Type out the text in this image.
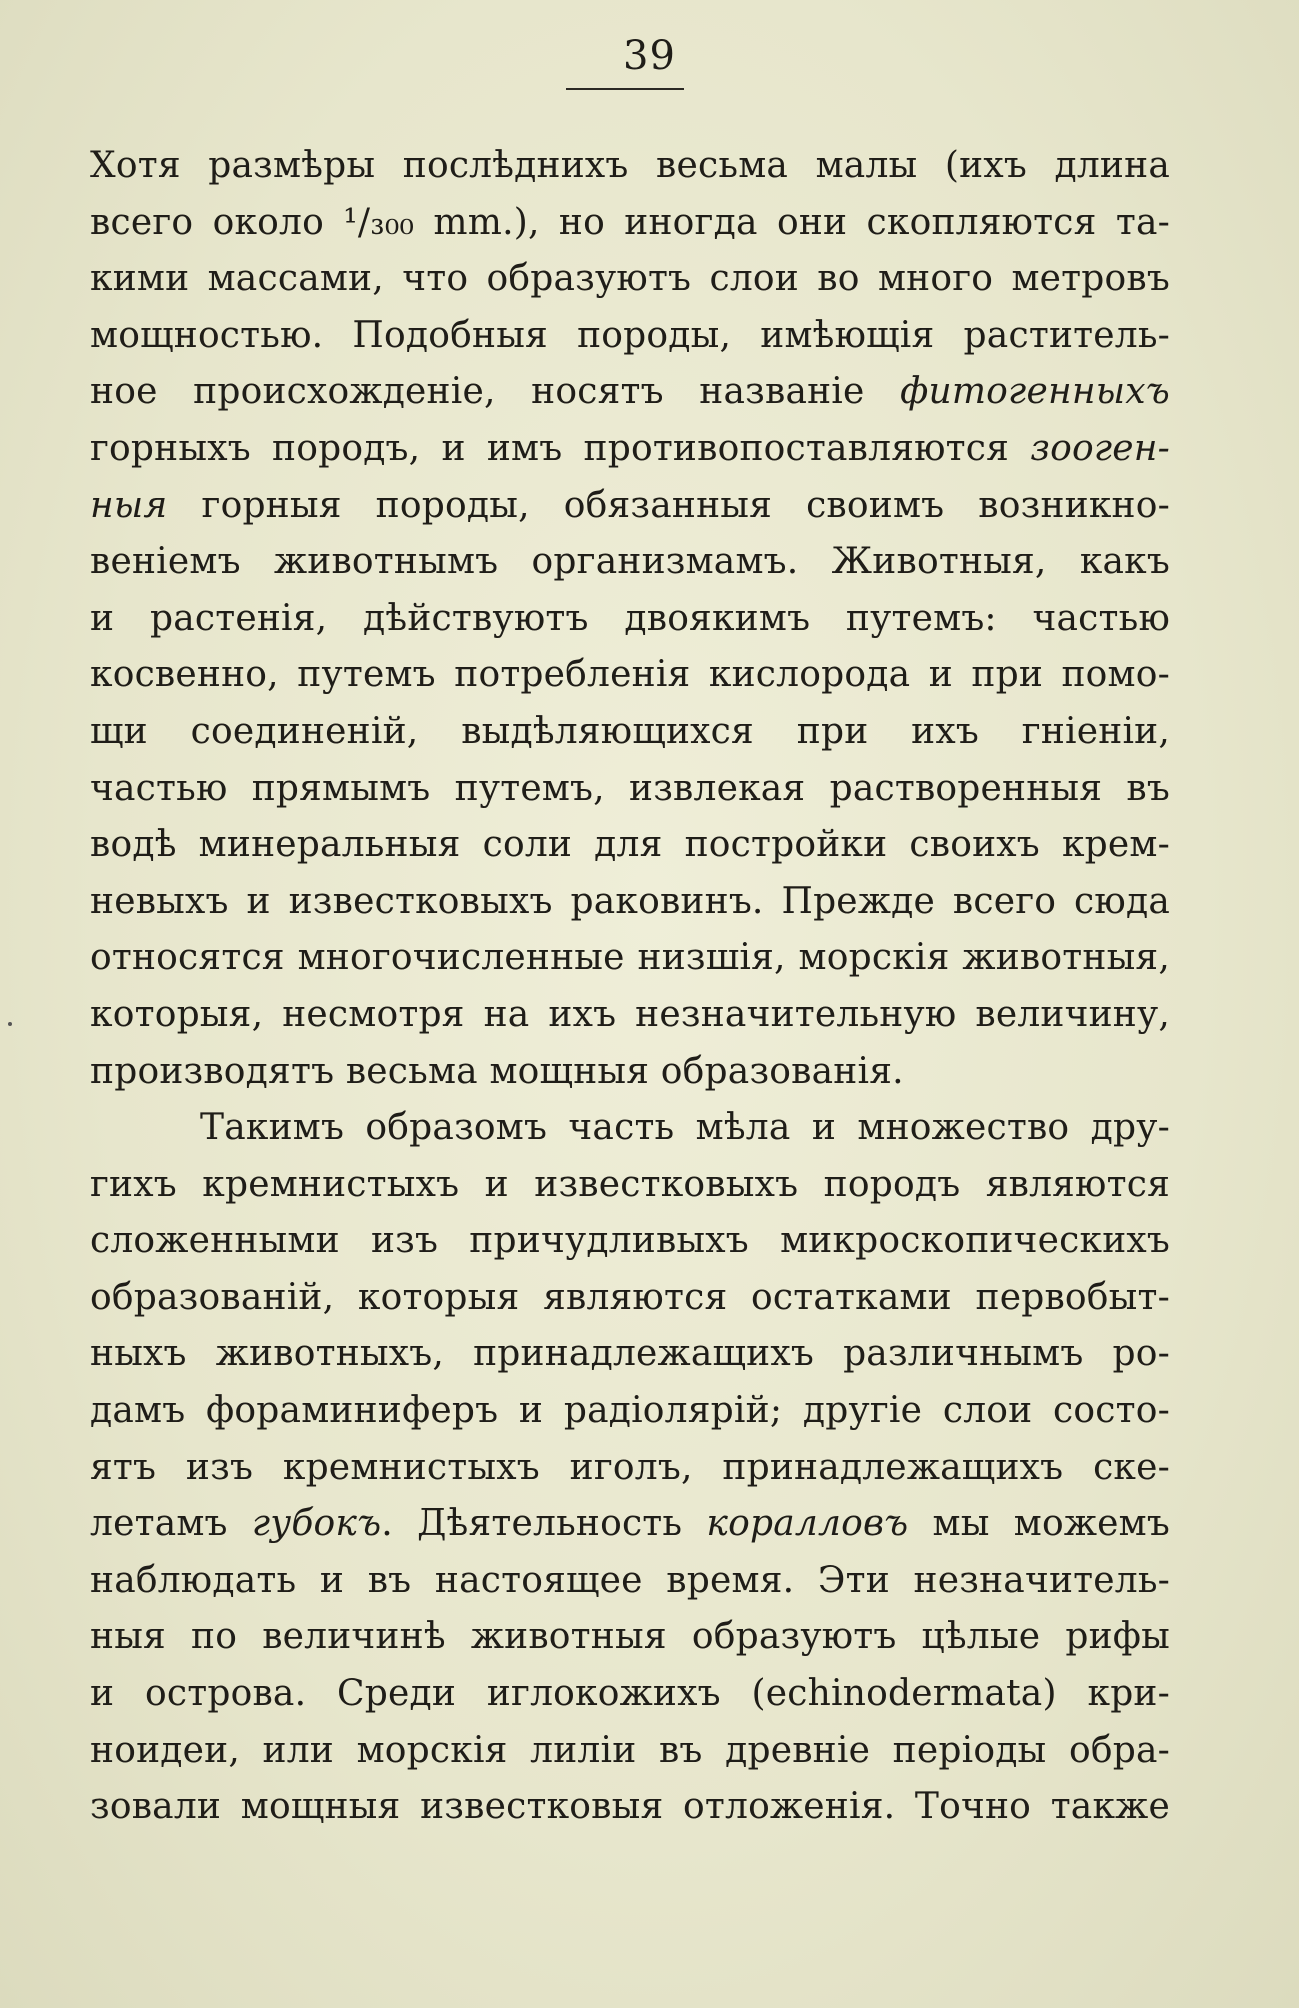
39
Хотя размѣры послѣднихъ весьма малы (ихъ длина
всего около ¹/₃₀₀ mm.), но иногда они скопляются та-
кими массами, что образуютъ слои во много метровъ
мощностью. Подобныя породы, имѣющія раститель-
ное происхожденіе, носятъ названіе фитогенныхъ
горныхъ породъ, и имъ противопоставляются зооген-
ныя горныя породы, обязанныя своимъ возникно-
веніемъ животнымъ организмамъ. Животныя, какъ
и растенія, дѣйствуютъ двоякимъ путемъ: частью
косвенно, путемъ потребленія кислорода и при помо-
щи соединеній, выдѣляющихся при ихъ гніеніи,
частью прямымъ путемъ, извлекая растворенныя въ
водѣ минеральныя соли для постройки своихъ крем-
невыхъ и известковыхъ раковинъ. Прежде всего сюда
относятся многочисленные низшія, морскія животныя,
которыя, несмотря на ихъ незначительную величину,
производятъ весьма мощныя образованія.
Такимъ образомъ часть мѣла и множество дру-
гихъ кремнистыхъ и известковыхъ породъ являются
сложенными изъ причудливыхъ микроскопическихъ
образованій, которыя являются остатками первобыт-
ныхъ животныхъ, принадлежащихъ различнымъ ро-
дамъ фораминиферъ и радіолярій; другіе слои состо-
ятъ изъ кремнистыхъ иголъ, принадлежащихъ ске-
летамъ губокъ. Дѣятельность коралловъ мы можемъ
наблюдать и въ настоящее время. Эти незначитель-
ныя по величинѣ животныя образуютъ цѣлые рифы
и острова. Среди иглокожихъ (echinodermata) кри-
ноидеи, или морскія лиліи въ древніе періоды обра-
зовали мощныя известковыя отложенія. Точно также
